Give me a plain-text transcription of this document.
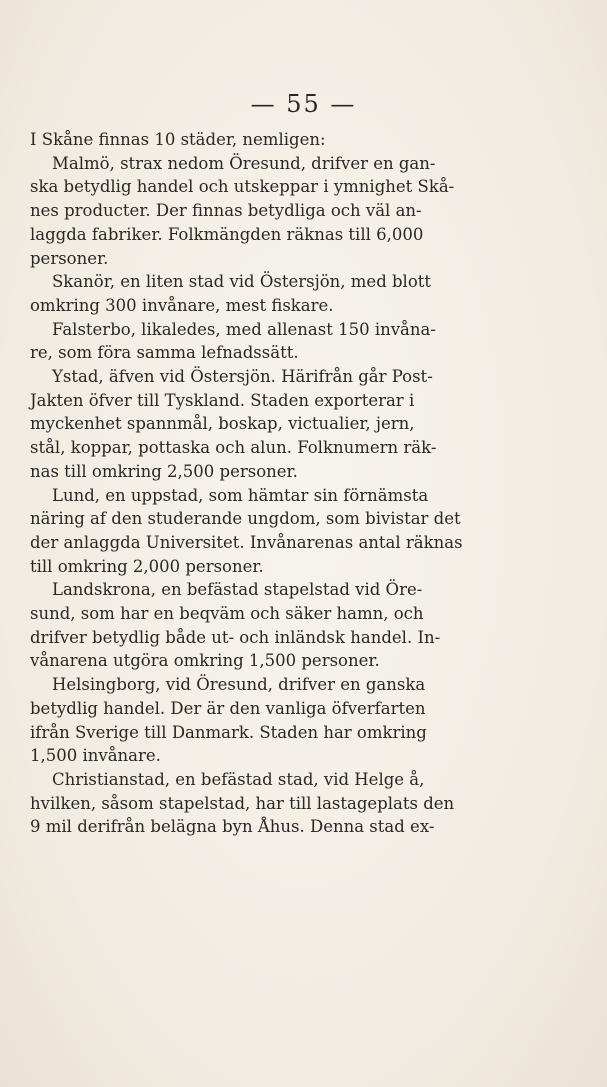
— 55 —
I Skåne finnas 10 städer, nemligen:
Malmö, strax nedom Öresund, drifver en gan-
ska betydlig handel och utskeppar i ymnighet Skå-
nes producter. Der finnas betydliga och väl an-
laggda fabriker. Folkmängden räknas till 6,000
personer.
Skanör, en liten stad vid Östersjön, med blott
omkring 300 invånare, mest fiskare.
Falsterbo, likaledes, med allenast 150 invåna-
re, som föra samma lefnadssätt.
Ystad, äfven vid Östersjön. Härifrån går Post-
Jakten öfver till Tyskland. Staden exporterar i
myckenhet spannmål, boskap, victualier, jern,
stål, koppar, pottaska och alun. Folknumern räk-
nas till omkring 2,500 personer.
Lund, en uppstad, som hämtar sin förnämsta
näring af den studerande ungdom, som bivistar det
der anlaggda Universitet. Invånarenas antal räknas
till omkring 2,000 personer.
Landskrona, en befästad stapelstad vid Öre-
sund, som har en beqväm och säker hamn, och
drifver betydlig både ut- och inländsk handel. In-
vånarena utgöra omkring 1,500 personer.
Helsingborg, vid Öresund, drifver en ganska
betydlig handel. Der är den vanliga öfverfarten
ifrån Sverige till Danmark. Staden har omkring
1,500 invånare.
Christianstad, en befästad stad, vid Helge å,
hvilken, såsom stapelstad, har till lastageplats den
9 mil derifrån belägna byn Åhus. Denna stad ex-
